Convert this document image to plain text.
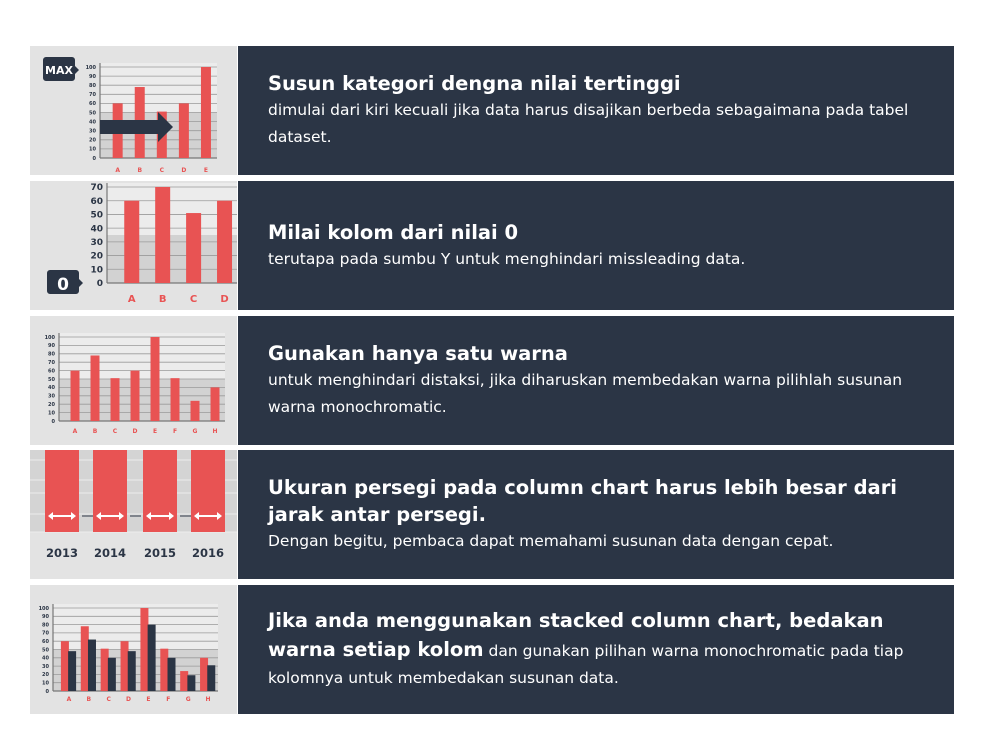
0
10
20
30
40
50
60
70
80
90
100
A	B	C	D	E
MAX
Susun kategori dengna nilai tertinggi
dimulai dari kiri kecuali jika data harus disajikan berbeda sebagaimana pada tabel dataset.
0
10
20
30
40
50
60
70
A B C D
0
Milai kolom dari nilai 0
terutapa pada sumbu Y untuk menghindari missleading data.
0
10
20
30
40
50
60
70
80
90
100
A	B	C	D	E	F	G	H
Gunakan hanya satu warna
untuk menghindari distaksi, jika diharuskan membedakan warna pilihlah susunan warna monochromatic.
2013 2014 2015 2016
Ukuran persegi pada column chart harus lebih besar dari jarak antar persegi.
Dengan begitu, pembaca dapat memahami susunan data dengan cepat.
0
10
20
30
40
50
60
70
80
90
100
A	B	C	D	E	F	G H
Jika anda menggunakan stacked column chart, bedakan warna setiap kolom dan gunakan pilihan warna monochromatic pada tiap kolomnya untuk membedakan susunan data.
